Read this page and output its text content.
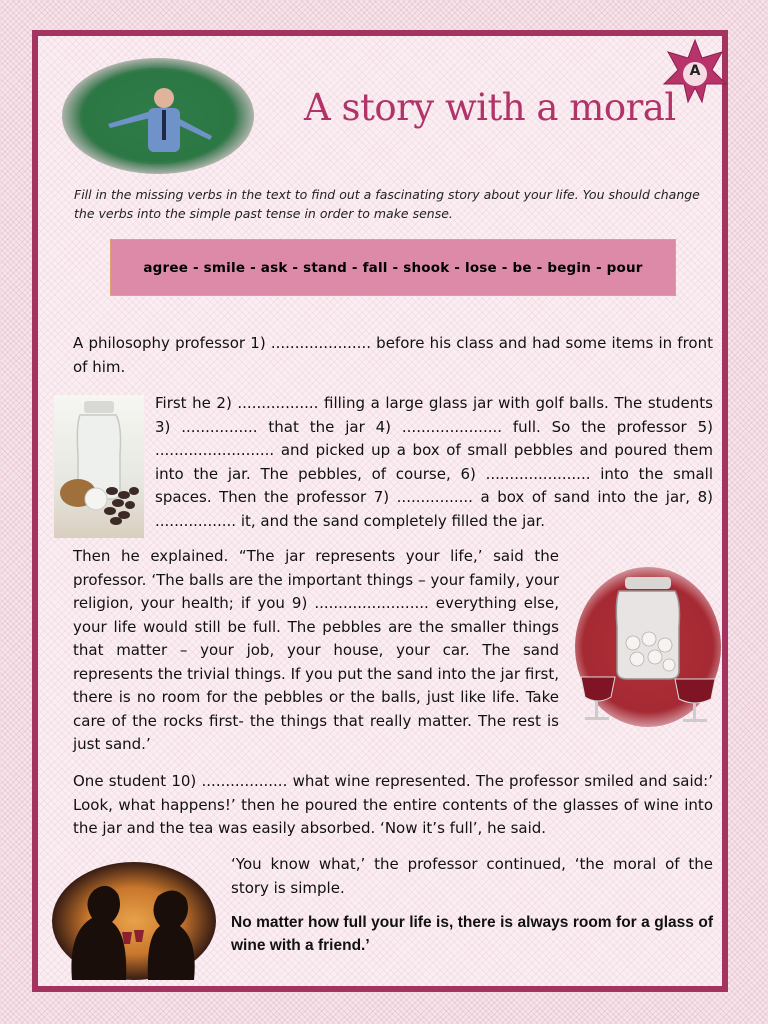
A story with a moral
A
Fill in the missing verbs in the text to find out a fascinating story about your life. You should change the verbs into the simple past tense in order to make sense.
agree - smile - ask - stand - fall - shook - lose - be - begin - pour
A philosophy professor 1) ..................... before his class and had some items in front of him.
First he 2) ................. filling a large glass jar with golf balls. The students 3) ................ that the jar 4) ..................... full. So the professor 5) ......................... and picked up a box of small pebbles and poured them into the jar. The pebbles, of course, 6) ...................... into the small spaces. Then the professor 7) ................ a box of sand into the jar, 8) ................. it, and the sand completely filled the jar.
Then he explained. “The jar represents your life,’ said the professor. ‘The balls are the important things – your family, your religion, your health; if you 9) ........................ everything else, your life would still be full. The pebbles are the smaller things that matter – your job, your house, your car. The sand represents the trivial things. If you put the sand into the jar first, there is no room for the pebbles or the balls, just like life. Take care of the rocks first- the things that really matter. The rest is just sand.’
One student 10) .................. what wine represented. The professor smiled and said:’ Look, what happens!’ then he poured the entire contents of the glasses of wine into the jar and the tea was easily absorbed. ‘Now it’s full’, he said.
‘You know what,’ the professor continued, ‘the moral of the story is simple.
No matter how full your life is, there is always room for a glass of wine with a friend.’
